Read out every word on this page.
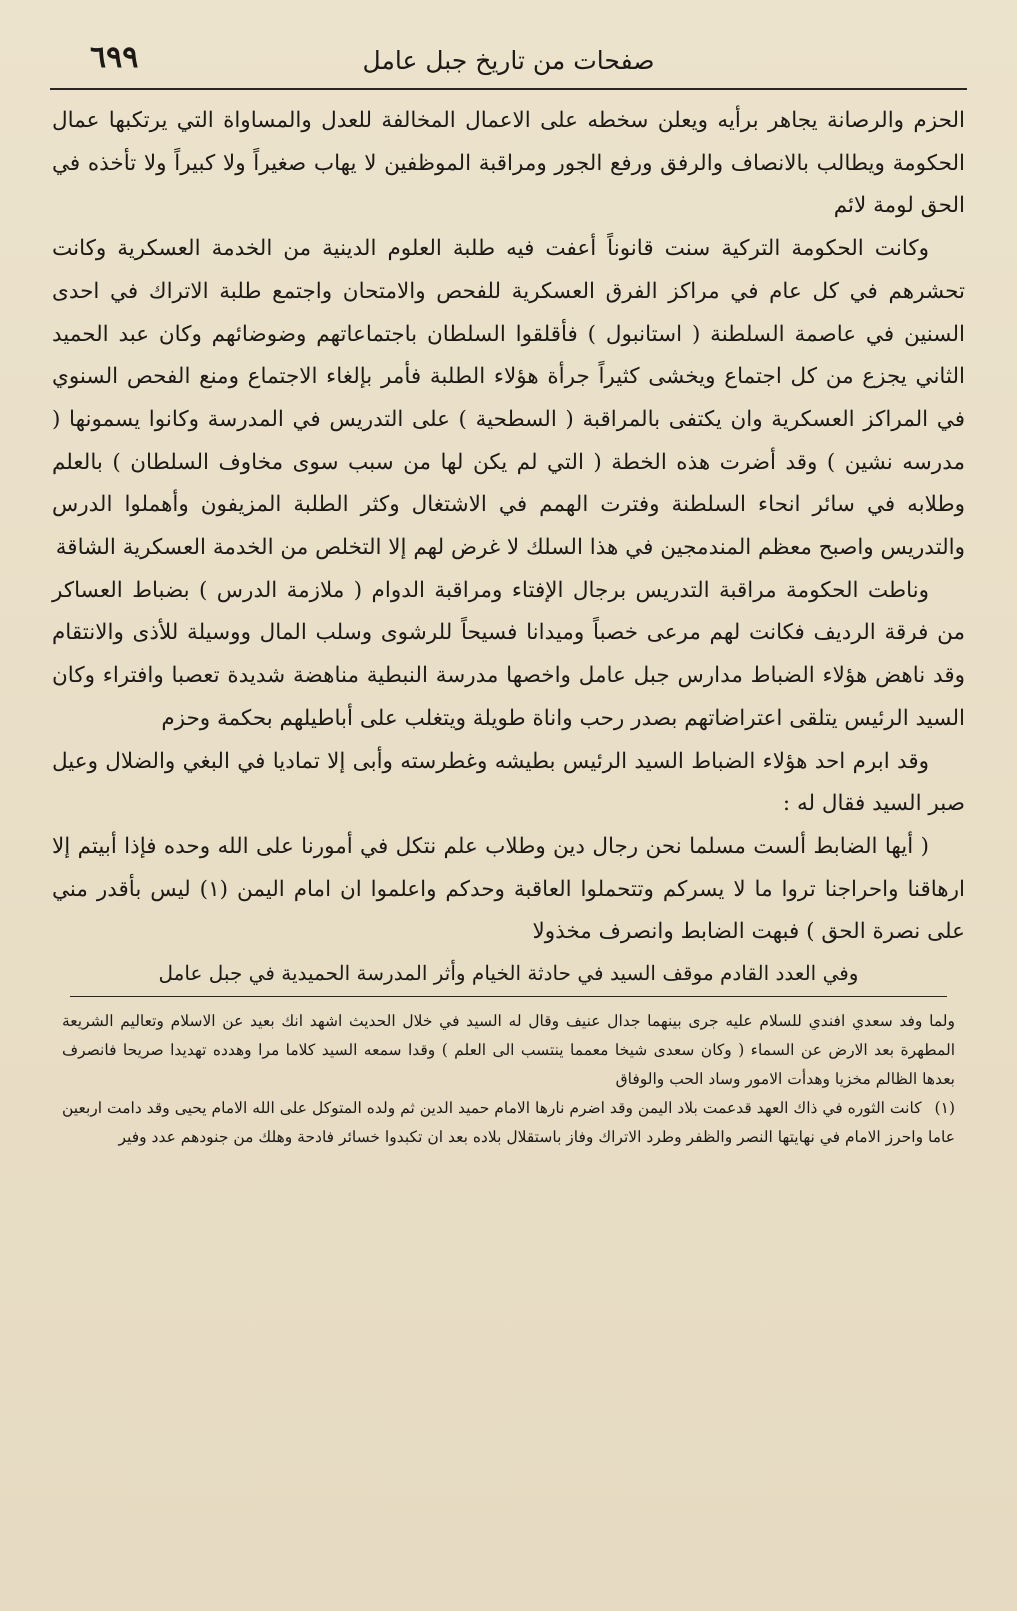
صفحات من تاريخ جبل عامل
٦٩٩

الحزم والرصانة يجاهر برأيه ويعلن سخطه على الاعمال المخالفة للعدل والمساواة التي يرتكبها عمال الحكومة ويطالب بالانصاف والرفق ورفع الجور ومراقبة الموظفين لا يهاب صغيراً ولا كبيراً ولا تأخذه في الحق لومة لائم

وكانت الحكومة التركية سنت قانوناً أعفت فيه طلبة العلوم الدينية من الخدمة العسكرية وكانت تحشرهم في كل عام في مراكز الفرق العسكرية للفحص والامتحان واجتمع طلبة الاتراك في احدى السنين في عاصمة السلطنة ( استانبول ) فأقلقوا السلطان باجتماعاتهم وضوضائهم وكان عبد الحميد الثاني يجزع من كل اجتماع ويخشى كثيراً جرأة هؤلاء الطلبة فأمر بإلغاء الاجتماع ومنع الفحص السنوي في المراكز العسكرية وان يكتفى بالمراقبة ( السطحية ) على التدريس في المدرسة وكانوا يسمونها ( مدرسه نشين ) وقد أضرت هذه الخطة ( التي لم يكن لها من سبب سوى مخاوف السلطان ) بالعلم وطلابه في سائر انحاء السلطنة وفترت الهمم في الاشتغال وكثر الطلبة المزيفون وأهملوا الدرس والتدريس واصبح معظم المندمجين في هذا السلك لا غرض لهم إلا التخلص من الخدمة العسكرية الشاقة

وناطت الحكومة مراقبة التدريس برجال الإفتاء ومراقبة الدوام ( ملازمة الدرس ) بضباط العساكر من فرقة الرديف فكانت لهم مرعى خصباً وميدانا فسيحاً للرشوى وسلب المال ووسيلة للأذى والانتقام وقد ناهض هؤلاء الضباط مدارس جبل عامل واخصها مدرسة النبطية مناهضة شديدة تعصبا وافتراء وكان السيد الرئيس يتلقى اعتراضاتهم بصدر رحب واناة طويلة ويتغلب على أباطيلهم بحكمة وحزم

وقد ابرم احد هؤلاء الضباط السيد الرئيس بطيشه وغطرسته وأبى إلا تماديا في البغي والضلال وعيل صبر السيد فقال له :

( أيها الضابط ألست مسلما نحن رجال دين وطلاب علم نتكل في أمورنا على الله وحده فإذا أبيتم إلا ارهاقنا واحراجنا تروا ما لا يسركم وتتحملوا العاقبة وحدكم واعلموا ان امام اليمن (١) ليس بأقدر مني على نصرة الحق ) فبهت الضابط وانصرف مخذولا

وفي العدد القادم موقف السيد في حادثة الخيام وأثر المدرسة الحميدية في جبل عامل

ولما وفد سعدي افندي للسلام عليه جرى بينهما جدال عنيف وقال له السيد في خلال الحديث اشهد انك بعيد عن الاسلام وتعاليم الشريعة المطهرة بعد الارض عن السماء ( وكان سعدى شيخا معمما ينتسب الى العلم ) وقدا سمعه السيد كلاما مرا وهدده تهديدا صريحا فانصرف بعدها الظالم مخزيا وهدأت الامور وساد الحب والوفاق

(١) كانت الثوره في ذاك العهد قدعمت بلاد اليمن وقد اضرم نارها الامام حميد الدين ثم ولده المتوكل على الله الامام يحيى وقد دامت اربعين عاما واحرز الامام في نهايتها النصر والظفر وطرد الاتراك وفاز باستقلال بلاده بعد ان تكبدوا خسائر فادحة وهلك من جنودهم عدد وفير
